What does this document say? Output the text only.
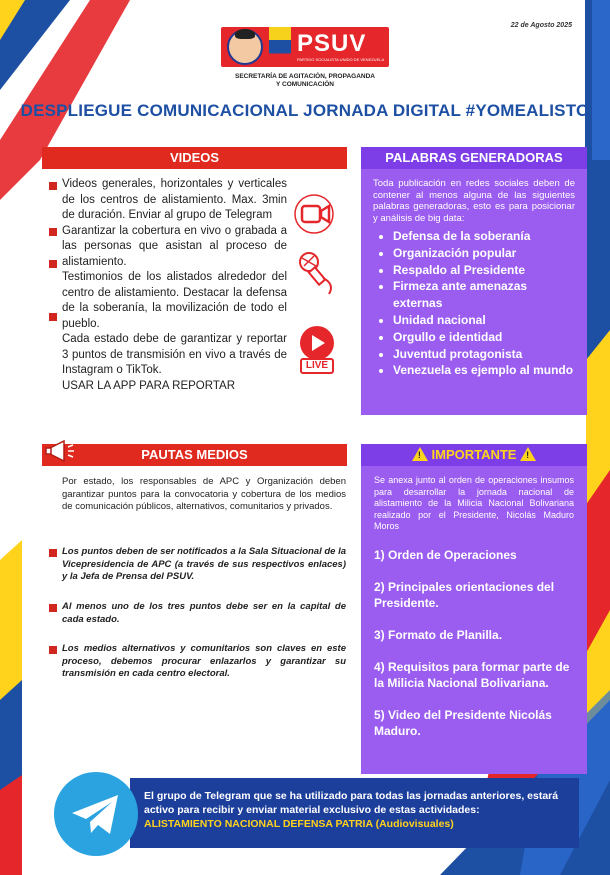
22 de Agosto 2025
PSUV
PARTIDO SOCIALISTA UNIDO DE VENEZUELA
SECRETARÍA DE AGITACIÓN, PROPAGANDA
Y COMUNICACIÓN
DESPLIEGUE COMUNICACIONAL JORNADA DIGITAL #YOMEALISTO
VIDEOS

Videos generales, horizontales y verticales de los centros de alistamiento. Max. 3min de duración. Enviar al grupo de Telegram

Garantizar la cobertura en vivo o grabada a las personas que asistan al proceso de alistamiento.

Testimonios de los alistados alrededor del centro de alistamiento. Destacar la defensa de la soberanía, la movilización de todo el pueblo.

Cada estado debe de garantizar y reportar 3 puntos de transmisión en vivo a través de Instagram o TikTok.

USAR LA APP PARA REPORTAR

LIVE
PALABRAS GENERADORAS

Toda publicación en redes sociales deben de contener al menos alguna de las siguientes palabras generadoras, esto es para posicionar y análisis de big data:

• Defensa de la soberanía
• Organización popular
• Respaldo al Presidente
• Firmeza ante amenazas externas
• Unidad nacional
• Orgullo e identidad
• Juventud protagonista
• Venezuela es ejemplo al mundo
PAUTAS MEDIOS
Por estado, los responsables de APC y Organización deben garantizar puntos para la convocatoria y cobertura de los medios de comunicación públicos, alternativos, comunitarios y privados.
Los puntos deben de ser notificados a la Sala Situacional de la Vicepresidencia de APC (a través de sus respectivos enlaces) y la Jefa de Prensa del PSUV.
Al menos uno de los tres puntos debe ser en la capital de cada estado.
Los medios alternativos y comunitarios son claves en este proceso, debemos procurar enlazarlos y garantizar su transmisión en cada centro electoral.
! IMPORTANTE !

Se anexa junto al orden de operaciones insumos para desarrollar la jornada nacional de alistamiento de la Milicia Nacional Bolivariana realizado por el Presidente, Nicolás Maduro Moros

1) Orden de Operaciones

2) Principales orientaciones del Presidente.

3) Formato de Planilla.

4) Requisitos para formar parte de la Milicia Nacional Bolivariana.

5) Video del Presidente Nicolás Maduro.

El grupo de Telegram que se ha utilizado para todas las jornadas anteriores, estará activo para recibir y enviar material exclusivo de estas actividades:
ALISTAMIENTO NACIONAL DEFENSA PATRIA (Audiovisuales)
